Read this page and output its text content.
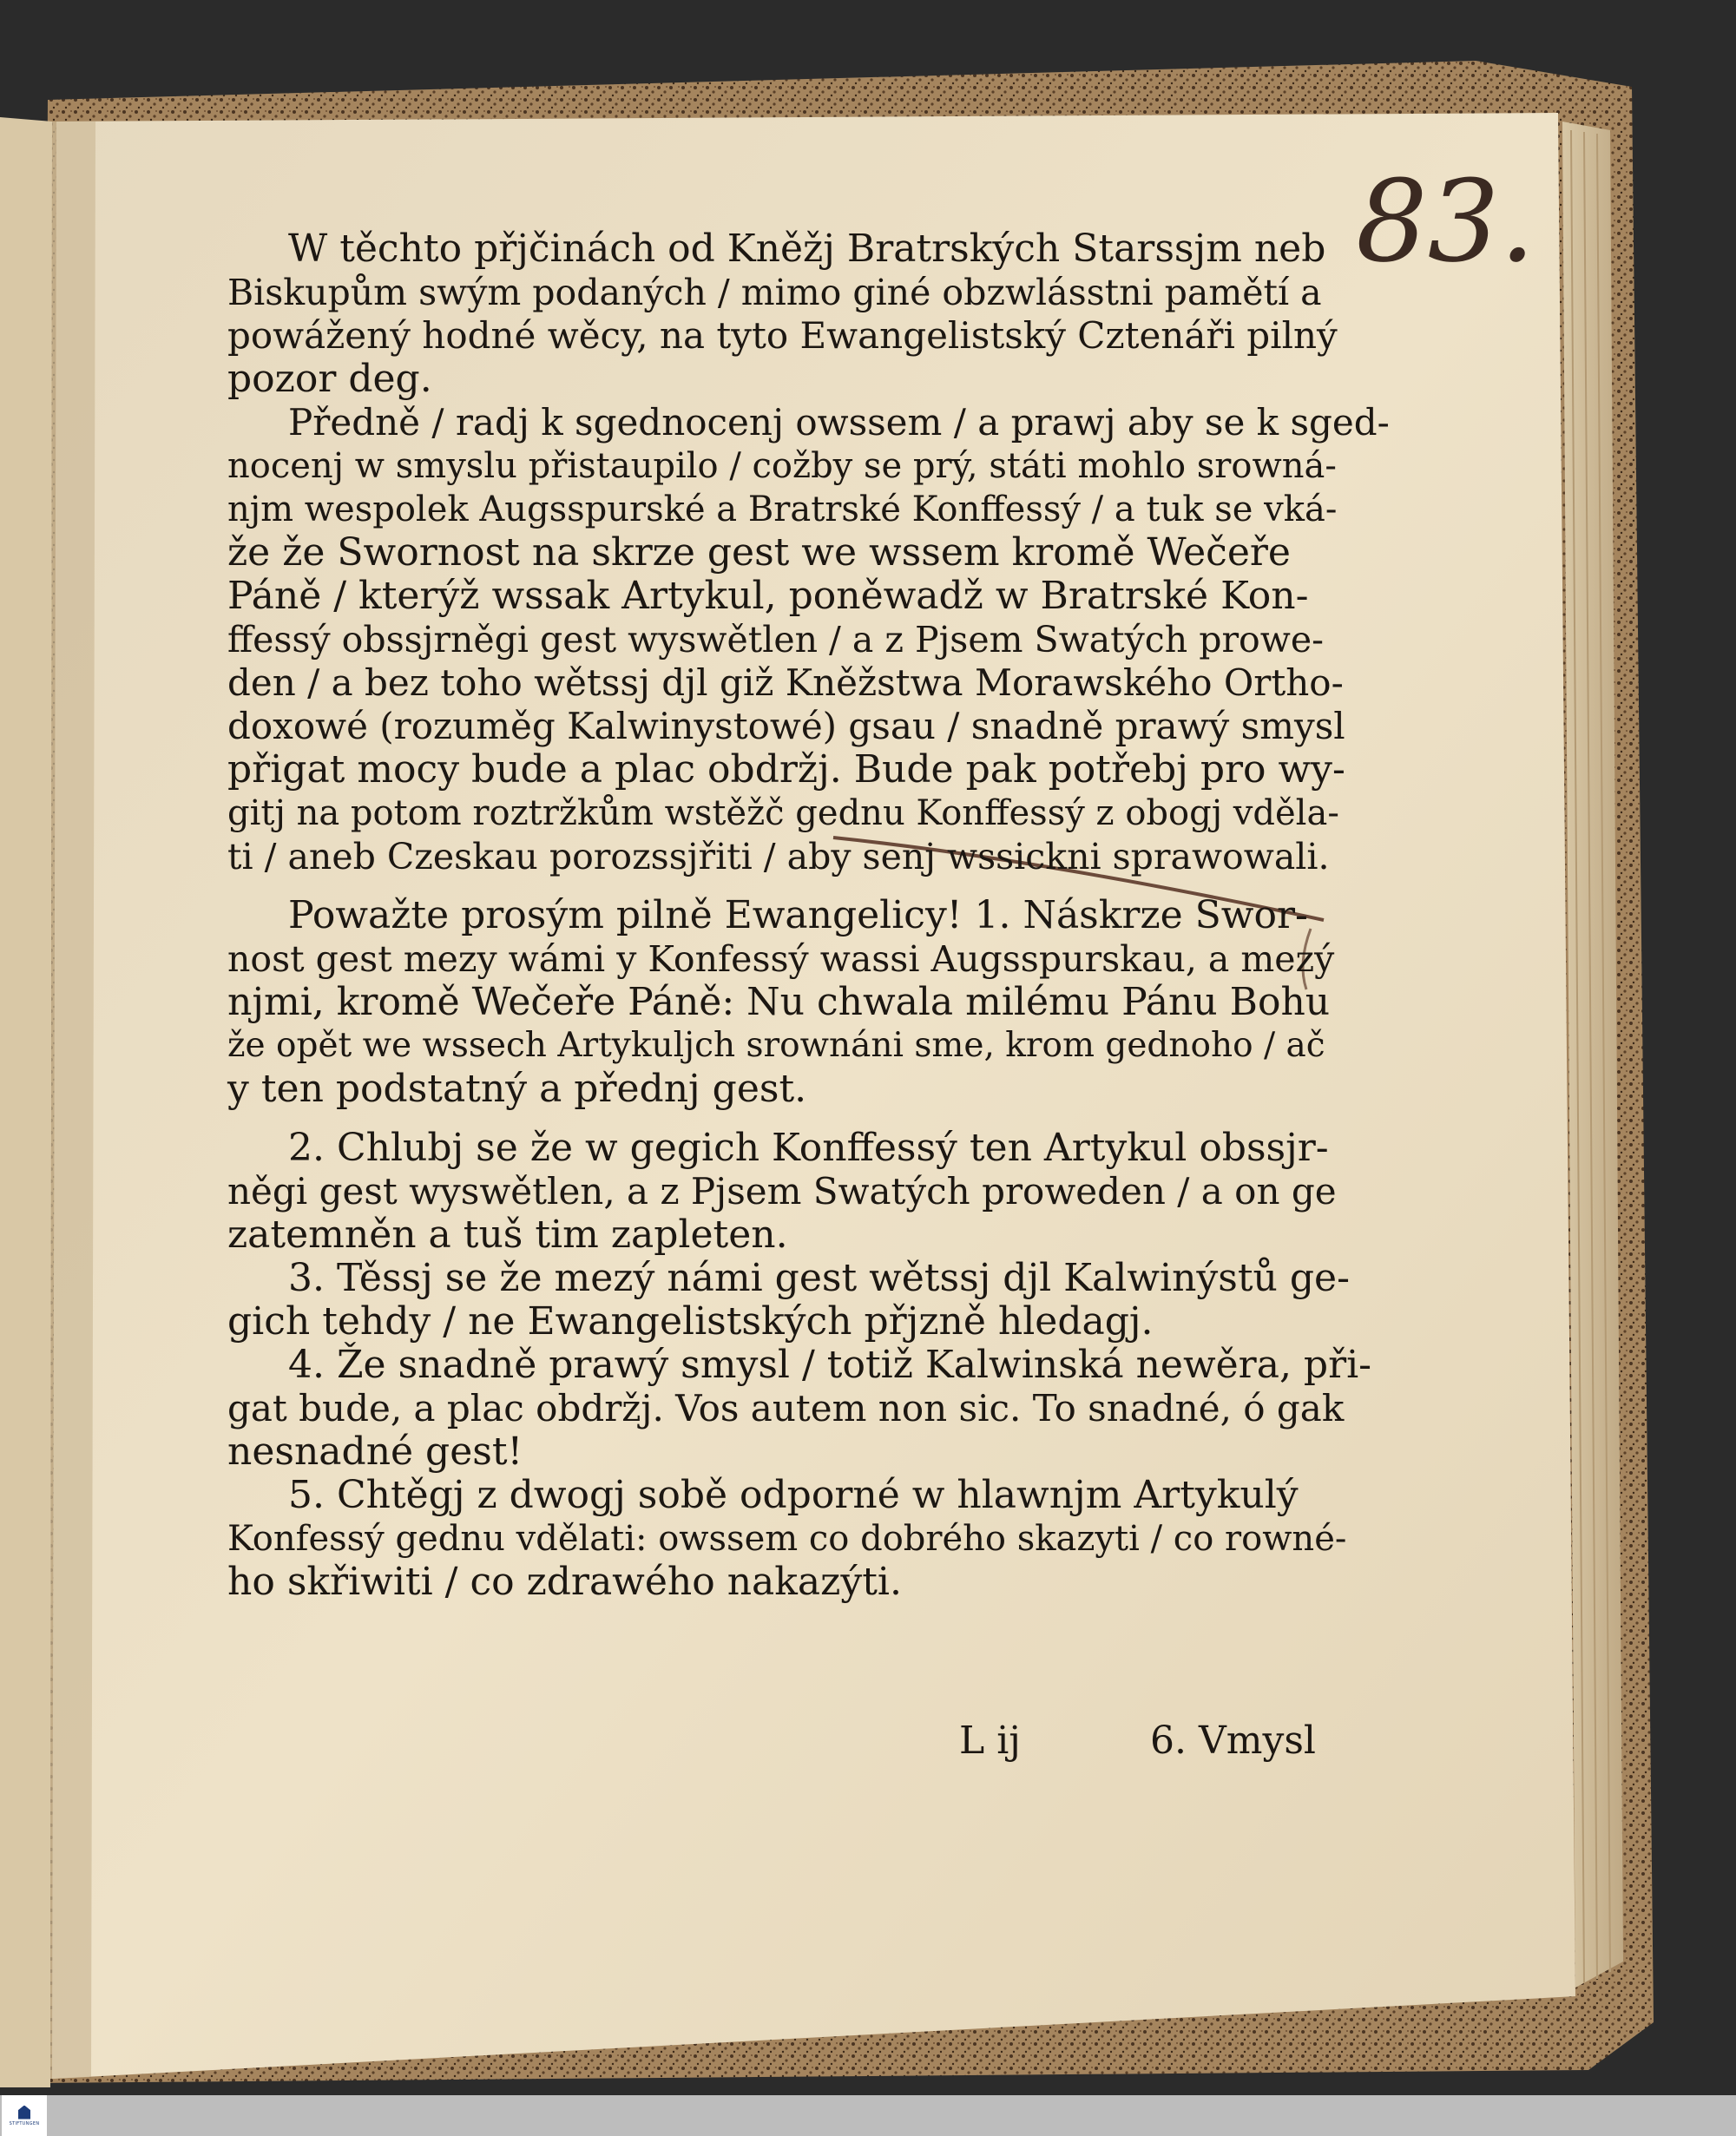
STIFTUNGEN
83.
W těchto přjčinách od Kněžj Bratrských Starssjm neb
Biskupům swým podaných / mimo giné obzwlásstni pamětí a
powážený hodné wěcy, na tyto Ewangelistský Cztenáři pilný
pozor deg.
Předně / radj k sgednocenj owssem / a prawj aby se k sged-
nocenj w smyslu přistaupilo / cožby se prý, státi mohlo srowná-
njm wespolek Augsspurské a Bratrské Konffessý / a tuk se vká-
že že Swornost na skrze gest we wssem kromě Wečeře
Páně / kterýž wssak Artykul, poněwadž w Bratrské Kon-
ffessý obssjrněgi gest wyswětlen / a z Pjsem Swatých prowe-
den / a bez toho wětssj djl giž Kněžstwa Morawského Ortho-
doxowé (rozuměg Kalwinystowé) gsau / snadně prawý smysl
přigat mocy bude a plac obdržj. Bude pak potřebj pro wy-
gitj na potom roztržkům wstěžč gednu Konffessý z obogj vděla-
ti / aneb Czeskau porozssjřiti / aby senj wssickni sprawowali.
Powažte prosým pilně Ewangelicy! 1. Náskrze Swor-
nost gest mezy wámi y Konfessý wassi Augsspurskau, a mezý
njmi, kromě Wečeře Páně: Nu chwala milému Pánu Bohu
že opět we wssech Artykuljch srownáni sme, krom gednoho / ač
y ten podstatný a přednj gest.
2. Chlubj se že w gegich Konffessý ten Artykul obssjr-
něgi gest wyswětlen, a z Pjsem Swatých proweden / a on ge
zatemněn a tuš tim zapleten.
3. Těssj se že mezý námi gest wětssj djl Kalwinýstů ge-
gich tehdy / ne Ewangelistských přjzně hledagj.
4. Že snadně prawý smysl / totiž Kalwinská newěra, při-
gat bude, a plac obdržj. Vos autem non sic. To snadné, ó gak
nesnadné gest!
5. Chtěgj z dwogj sobě odporné w hlawnjm Artykulý
Konfessý gednu vdělati: owssem co dobrého skazyti / co rowné-
ho skřiwiti / co zdrawého nakazýti.
L ij	6. Vmysl
